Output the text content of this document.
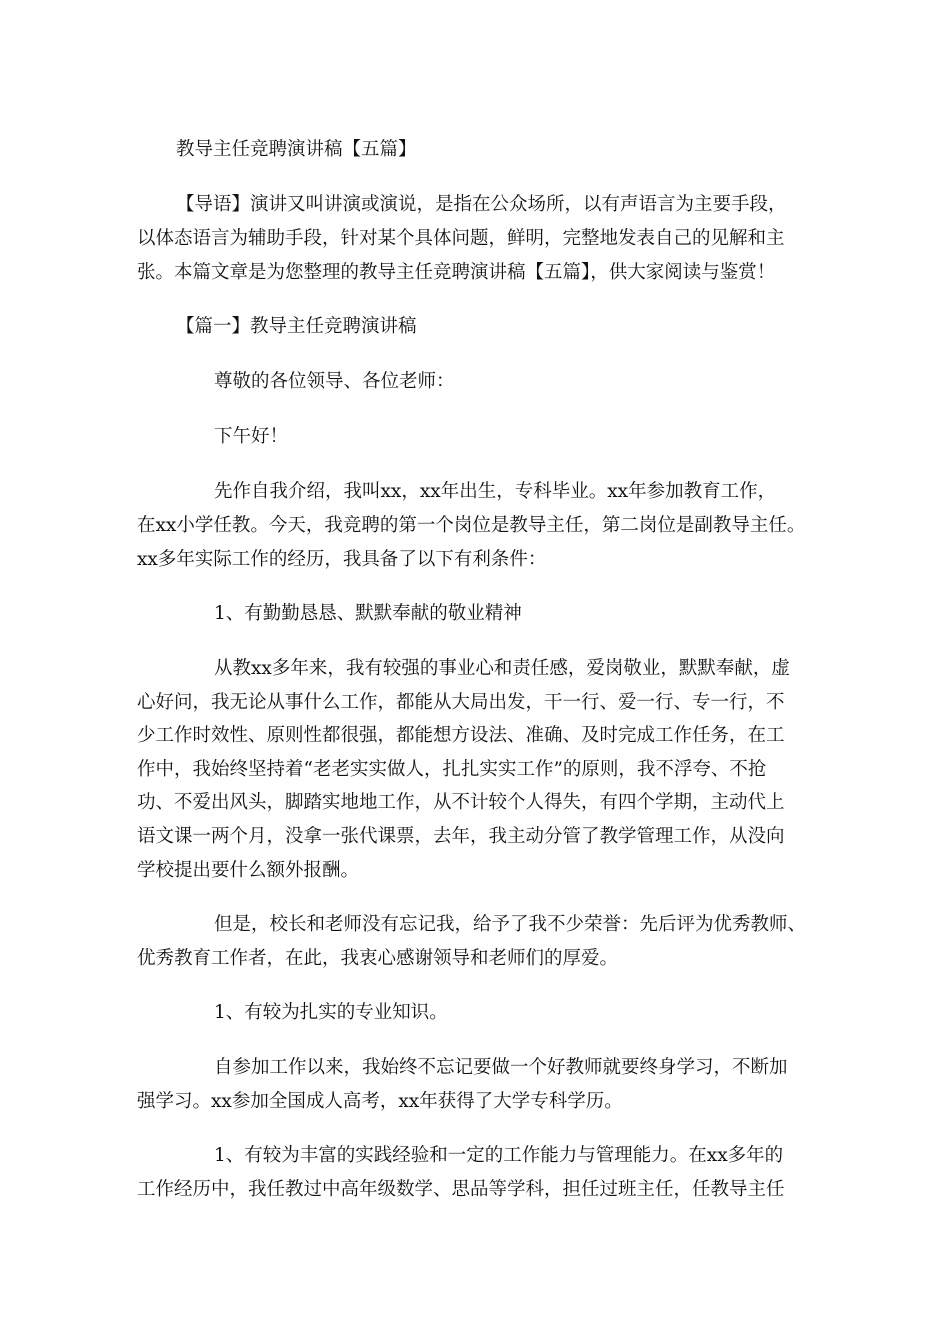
教导主任竞聘演讲稿【五篇】
【导语】演讲又叫讲演或演说，是指在公众场所，以有声语言为主要手段，
以体态语言为辅助手段，针对某个具体问题，鲜明，完整地发表自己的见解和主
张。本篇文章是为您整理的教导主任竞聘演讲稿【五篇】，供大家阅读与鉴赏！
【篇一】教导主任竞聘演讲稿
尊敬的各位领导、各位老师：
下午好！
先作自我介绍，我叫xx，xx年出生，专科毕业。xx年参加教育工作，
在xx小学任教。今天，我竞聘的第一个岗位是教导主任，第二岗位是副教导主任。
xx多年实际工作的经历，我具备了以下有利条件：
1、有勤勤恳恳、默默奉献的敬业精神
从教xx多年来，我有较强的事业心和责任感，爱岗敬业，默默奉献，虚
心好问，我无论从事什么工作，都能从大局出发，干一行、爱一行、专一行，不
少工作时效性、原则性都很强，都能想方设法、准确、及时完成工作任务，在工
作中，我始终坚持着“老老实实做人，扎扎实实工作”的原则，我不浮夸、不抢
功、不爱出风头，脚踏实地地工作，从不计较个人得失，有四个学期，主动代上
语文课一两个月，没拿一张代课票，去年，我主动分管了教学管理工作，从没向
学校提出要什么额外报酬。
但是，校长和老师没有忘记我，给予了我不少荣誉：先后评为优秀教师、
优秀教育工作者，在此，我衷心感谢领导和老师们的厚爱。
1、有较为扎实的专业知识。
自参加工作以来，我始终不忘记要做一个好教师就要终身学习，不断加
强学习。xx参加全国成人高考，xx年获得了大学专科学历。
1、有较为丰富的实践经验和一定的工作能力与管理能力。在xx多年的
工作经历中，我任教过中高年级数学、思品等学科，担任过班主任，任教导主任
